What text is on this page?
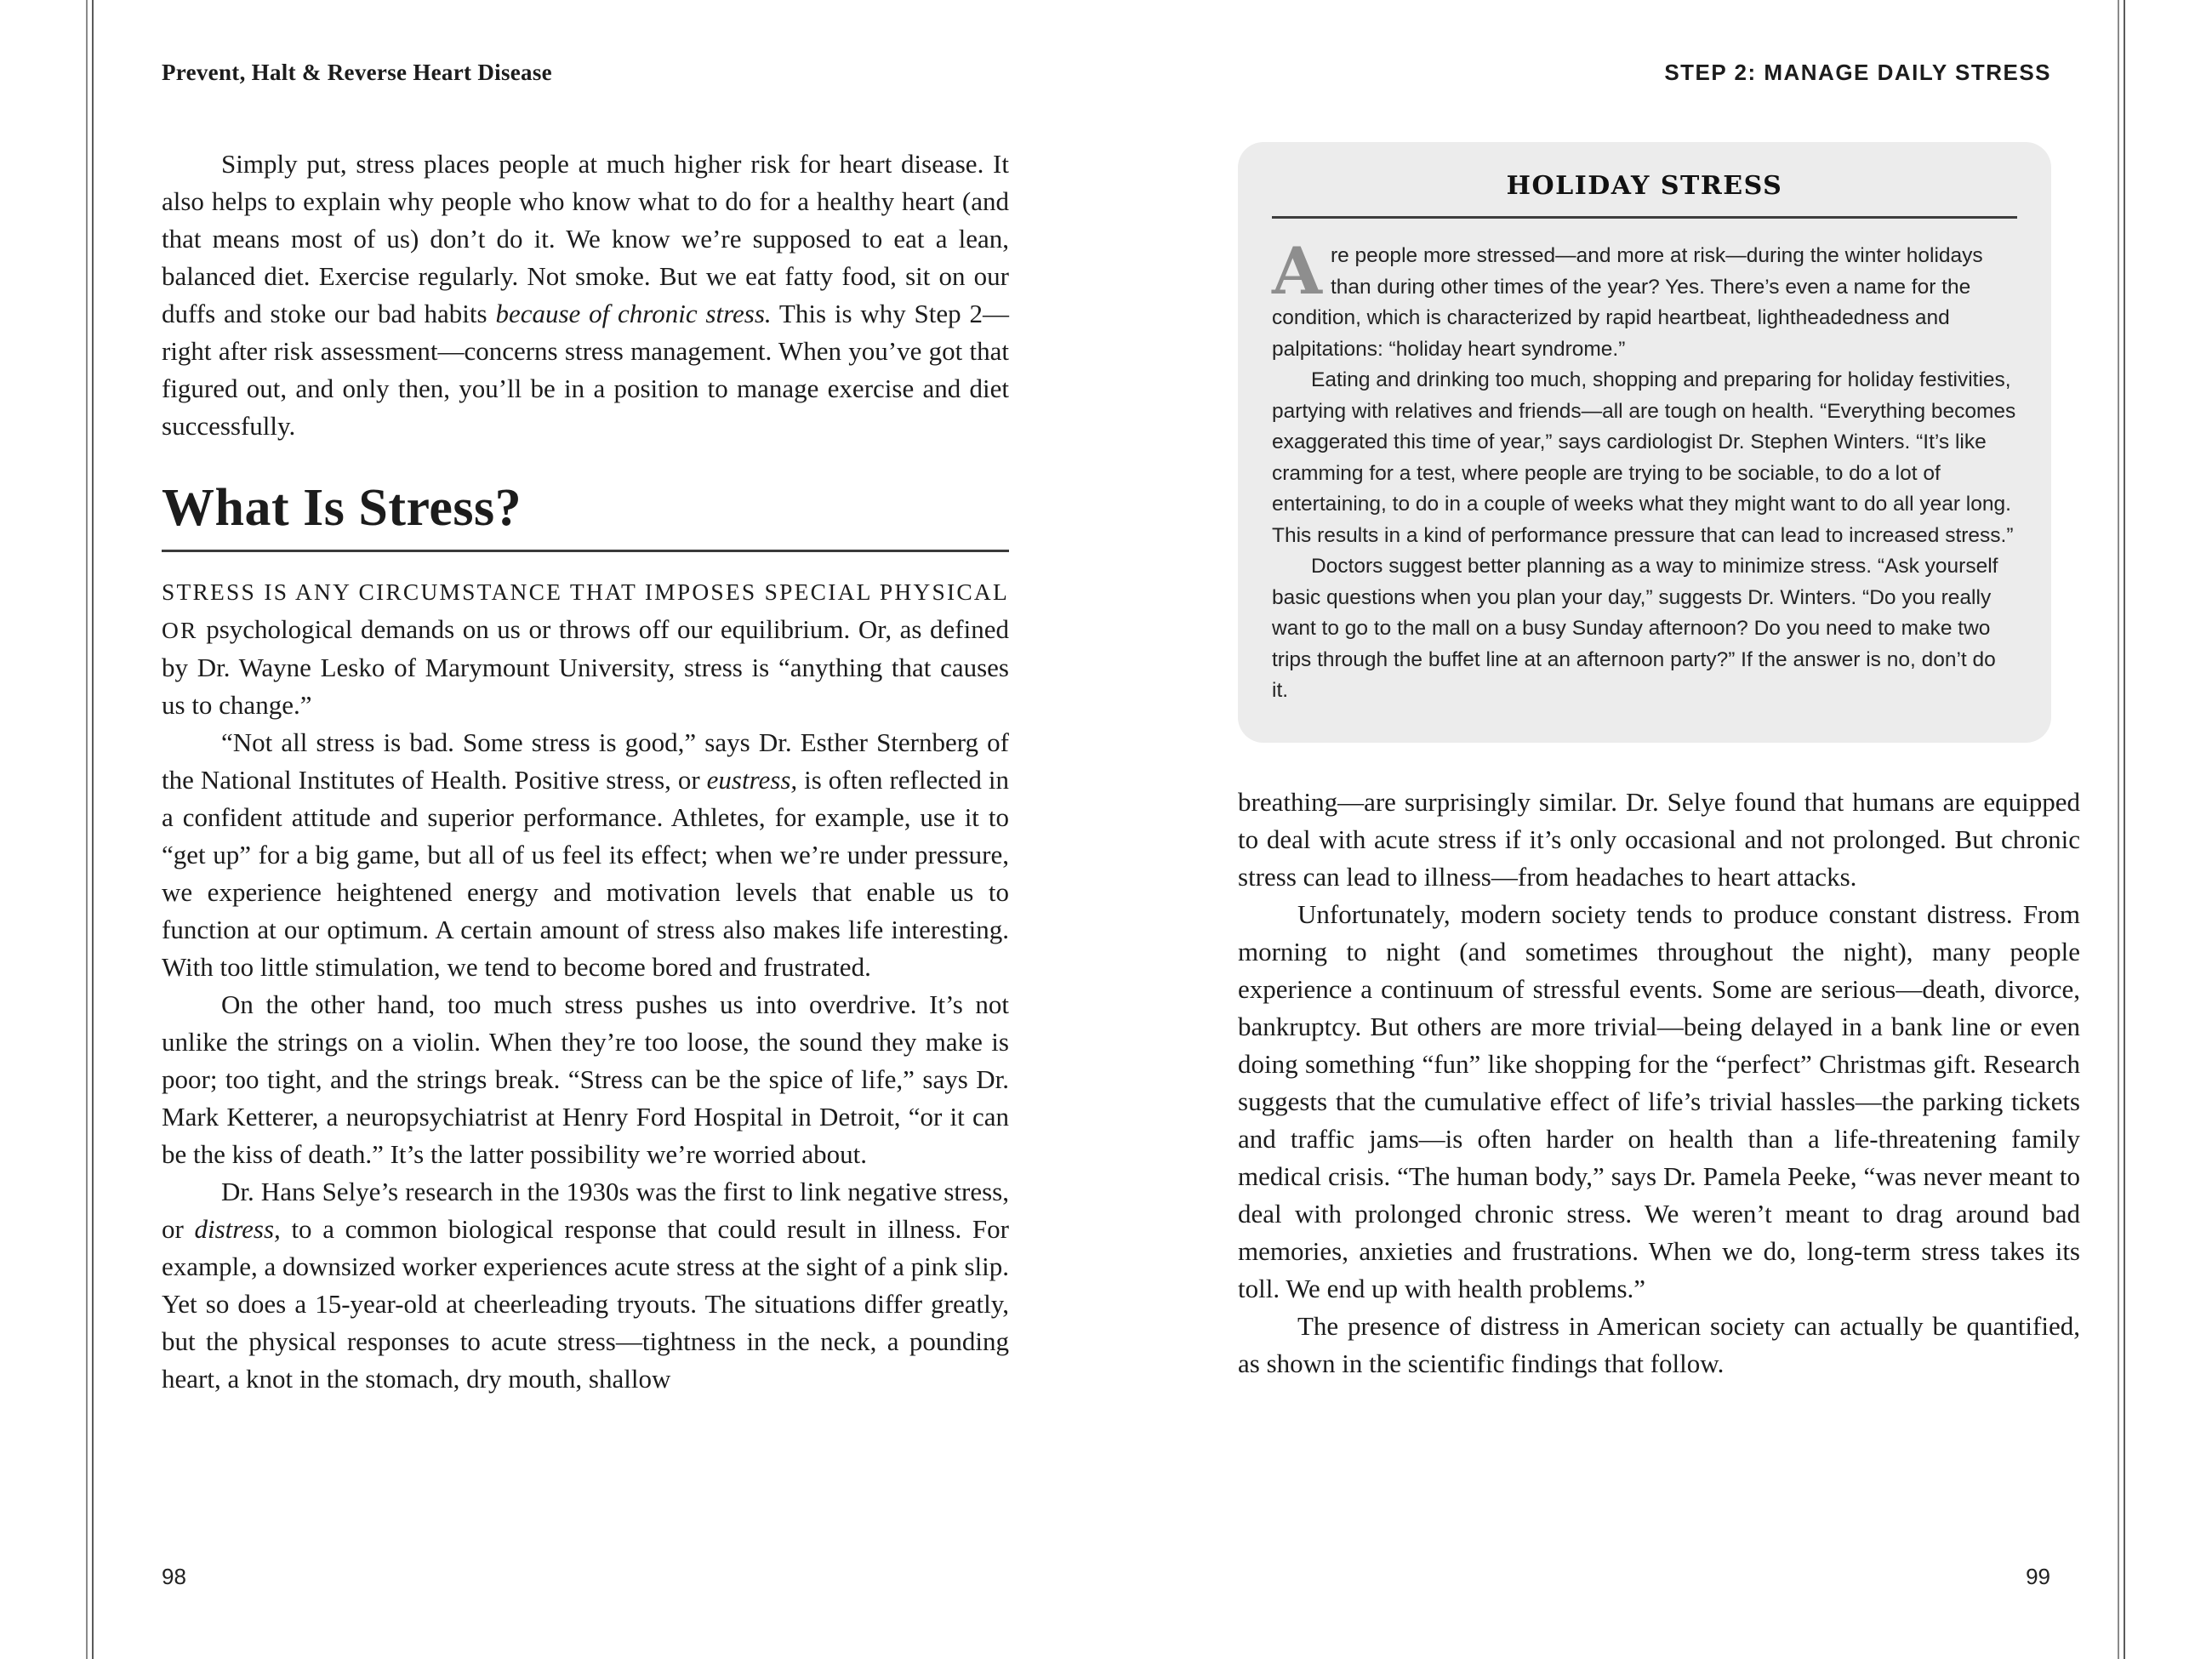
Prevent, Halt & Reverse Heart Disease

Simply put, stress places people at much higher risk for heart disease. It also helps to explain why people who know what to do for a healthy heart (and that means most of us) don’t do it. We know we’re supposed to eat a lean, balanced diet. Exercise regularly. Not smoke. But we eat fatty food, sit on our duffs and stoke our bad habits because of chronic stress. This is why Step 2—right after risk assessment—concerns stress management. When you’ve got that figured out, and only then, you’ll be in a position to manage exercise and diet successfully.

What Is Stress?

STRESS IS ANY CIRCUMSTANCE THAT IMPOSES SPECIAL PHYSICAL OR psychological demands on us or throws off our equilibrium. Or, as defined by Dr. Wayne Lesko of Marymount University, stress is “anything that causes us to change.”

“Not all stress is bad. Some stress is good,” says Dr. Esther Sternberg of the National Institutes of Health. Positive stress, or eustress, is often reflected in a confident attitude and superior performance. Athletes, for example, use it to “get up” for a big game, but all of us feel its effect; when we’re under pressure, we experience heightened energy and motivation levels that enable us to function at our optimum. A certain amount of stress also makes life interesting. With too little stimulation, we tend to become bored and frustrated.

On the other hand, too much stress pushes us into overdrive. It’s not unlike the strings on a violin. When they’re too loose, the sound they make is poor; too tight, and the strings break. “Stress can be the spice of life,” says Dr. Mark Ketterer, a neuropsychiatrist at Henry Ford Hospital in Detroit, “or it can be the kiss of death.” It’s the latter possibility we’re worried about.

Dr. Hans Selye’s research in the 1930s was the first to link negative stress, or distress, to a common biological response that could result in illness. For example, a downsized worker experiences acute stress at the sight of a pink slip. Yet so does a 15-year-old at cheerleading tryouts. The situations differ greatly, but the physical responses to acute stress—tightness in the neck, a pounding heart, a knot in the stomach, dry mouth, shallow

98
STEP 2: MANAGE DAILY STRESS
HOLIDAY STRESS

Are people more stressed—and more at risk—during the winter holidays than during other times of the year? Yes. There’s even a name for the condition, which is characterized by rapid heartbeat, lightheadedness and palpitations: “holiday heart syndrome.”

Eating and drinking too much, shopping and preparing for holiday festivities, partying with relatives and friends—all are tough on health. “Everything becomes exaggerated this time of year,” says cardiologist Dr. Stephen Winters. “It’s like cramming for a test, where people are trying to be sociable, to do a lot of entertaining, to do in a couple of weeks what they might want to do all year long. This results in a kind of performance pressure that can lead to increased stress.”

Doctors suggest better planning as a way to minimize stress. “Ask yourself basic questions when you plan your day,” suggests Dr. Winters. “Do you really want to go to the mall on a busy Sunday afternoon? Do you need to make two trips through the buffet line at an afternoon party?” If the answer is no, don’t do it.

breathing—are surprisingly similar. Dr. Selye found that humans are equipped to deal with acute stress if it’s only occasional and not prolonged. But chronic stress can lead to illness—from headaches to heart attacks.

Unfortunately, modern society tends to produce constant distress. From morning to night (and sometimes throughout the night), many people experience a continuum of stressful events. Some are serious—death, divorce, bankruptcy. But others are more trivial—being delayed in a bank line or even doing something “fun” like shopping for the “perfect” Christmas gift. Research suggests that the cumulative effect of life’s trivial hassles—the parking tickets and traffic jams—is often harder on health than a life-threatening family medical crisis. “The human body,” says Dr. Pamela Peeke, “was never meant to deal with prolonged chronic stress. We weren’t meant to drag around bad memories, anxieties and frustrations. When we do, long-term stress takes its toll. We end up with health problems.”

The presence of distress in American society can actually be quantified, as shown in the scientific findings that follow.

99
